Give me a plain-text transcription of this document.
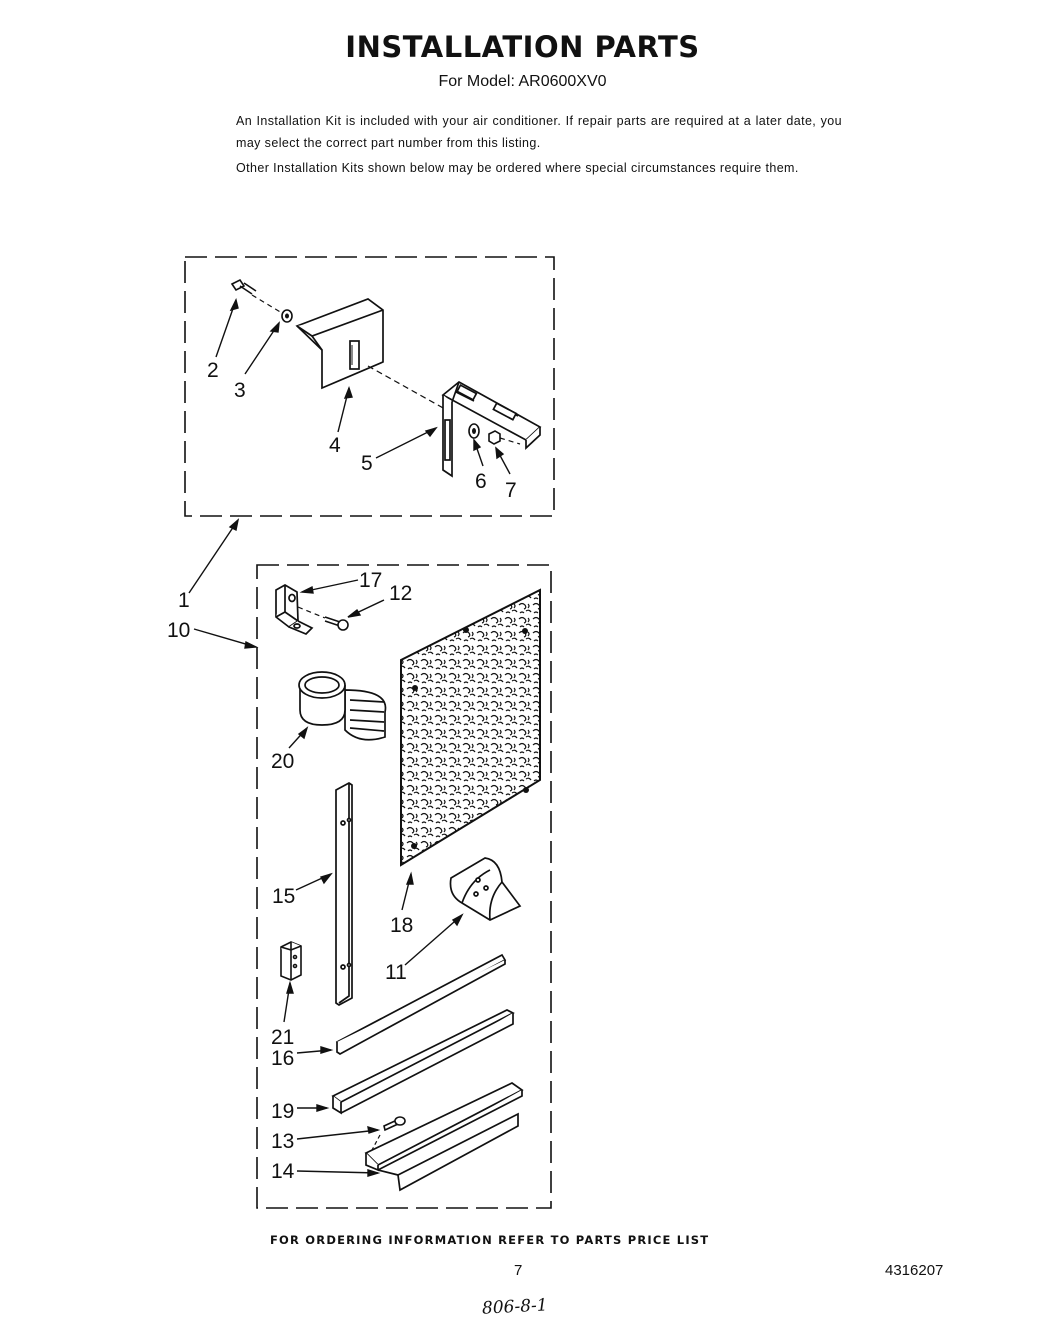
INSTALLATION PARTS
For Model: AR0600XV0
An Installation Kit is included with your air conditioner. If repair parts are required at a later date, you may select the correct part number from this listing.
Other Installation Kits shown below may be ordered where special circumstances require them.
1
2
3
4
5
6 7
10
11
12
13
14
15
16
17
18
19
20
21
FOR ORDERING INFORMATION REFER TO PARTS PRICE LIST
7	4316207
806-8-1
